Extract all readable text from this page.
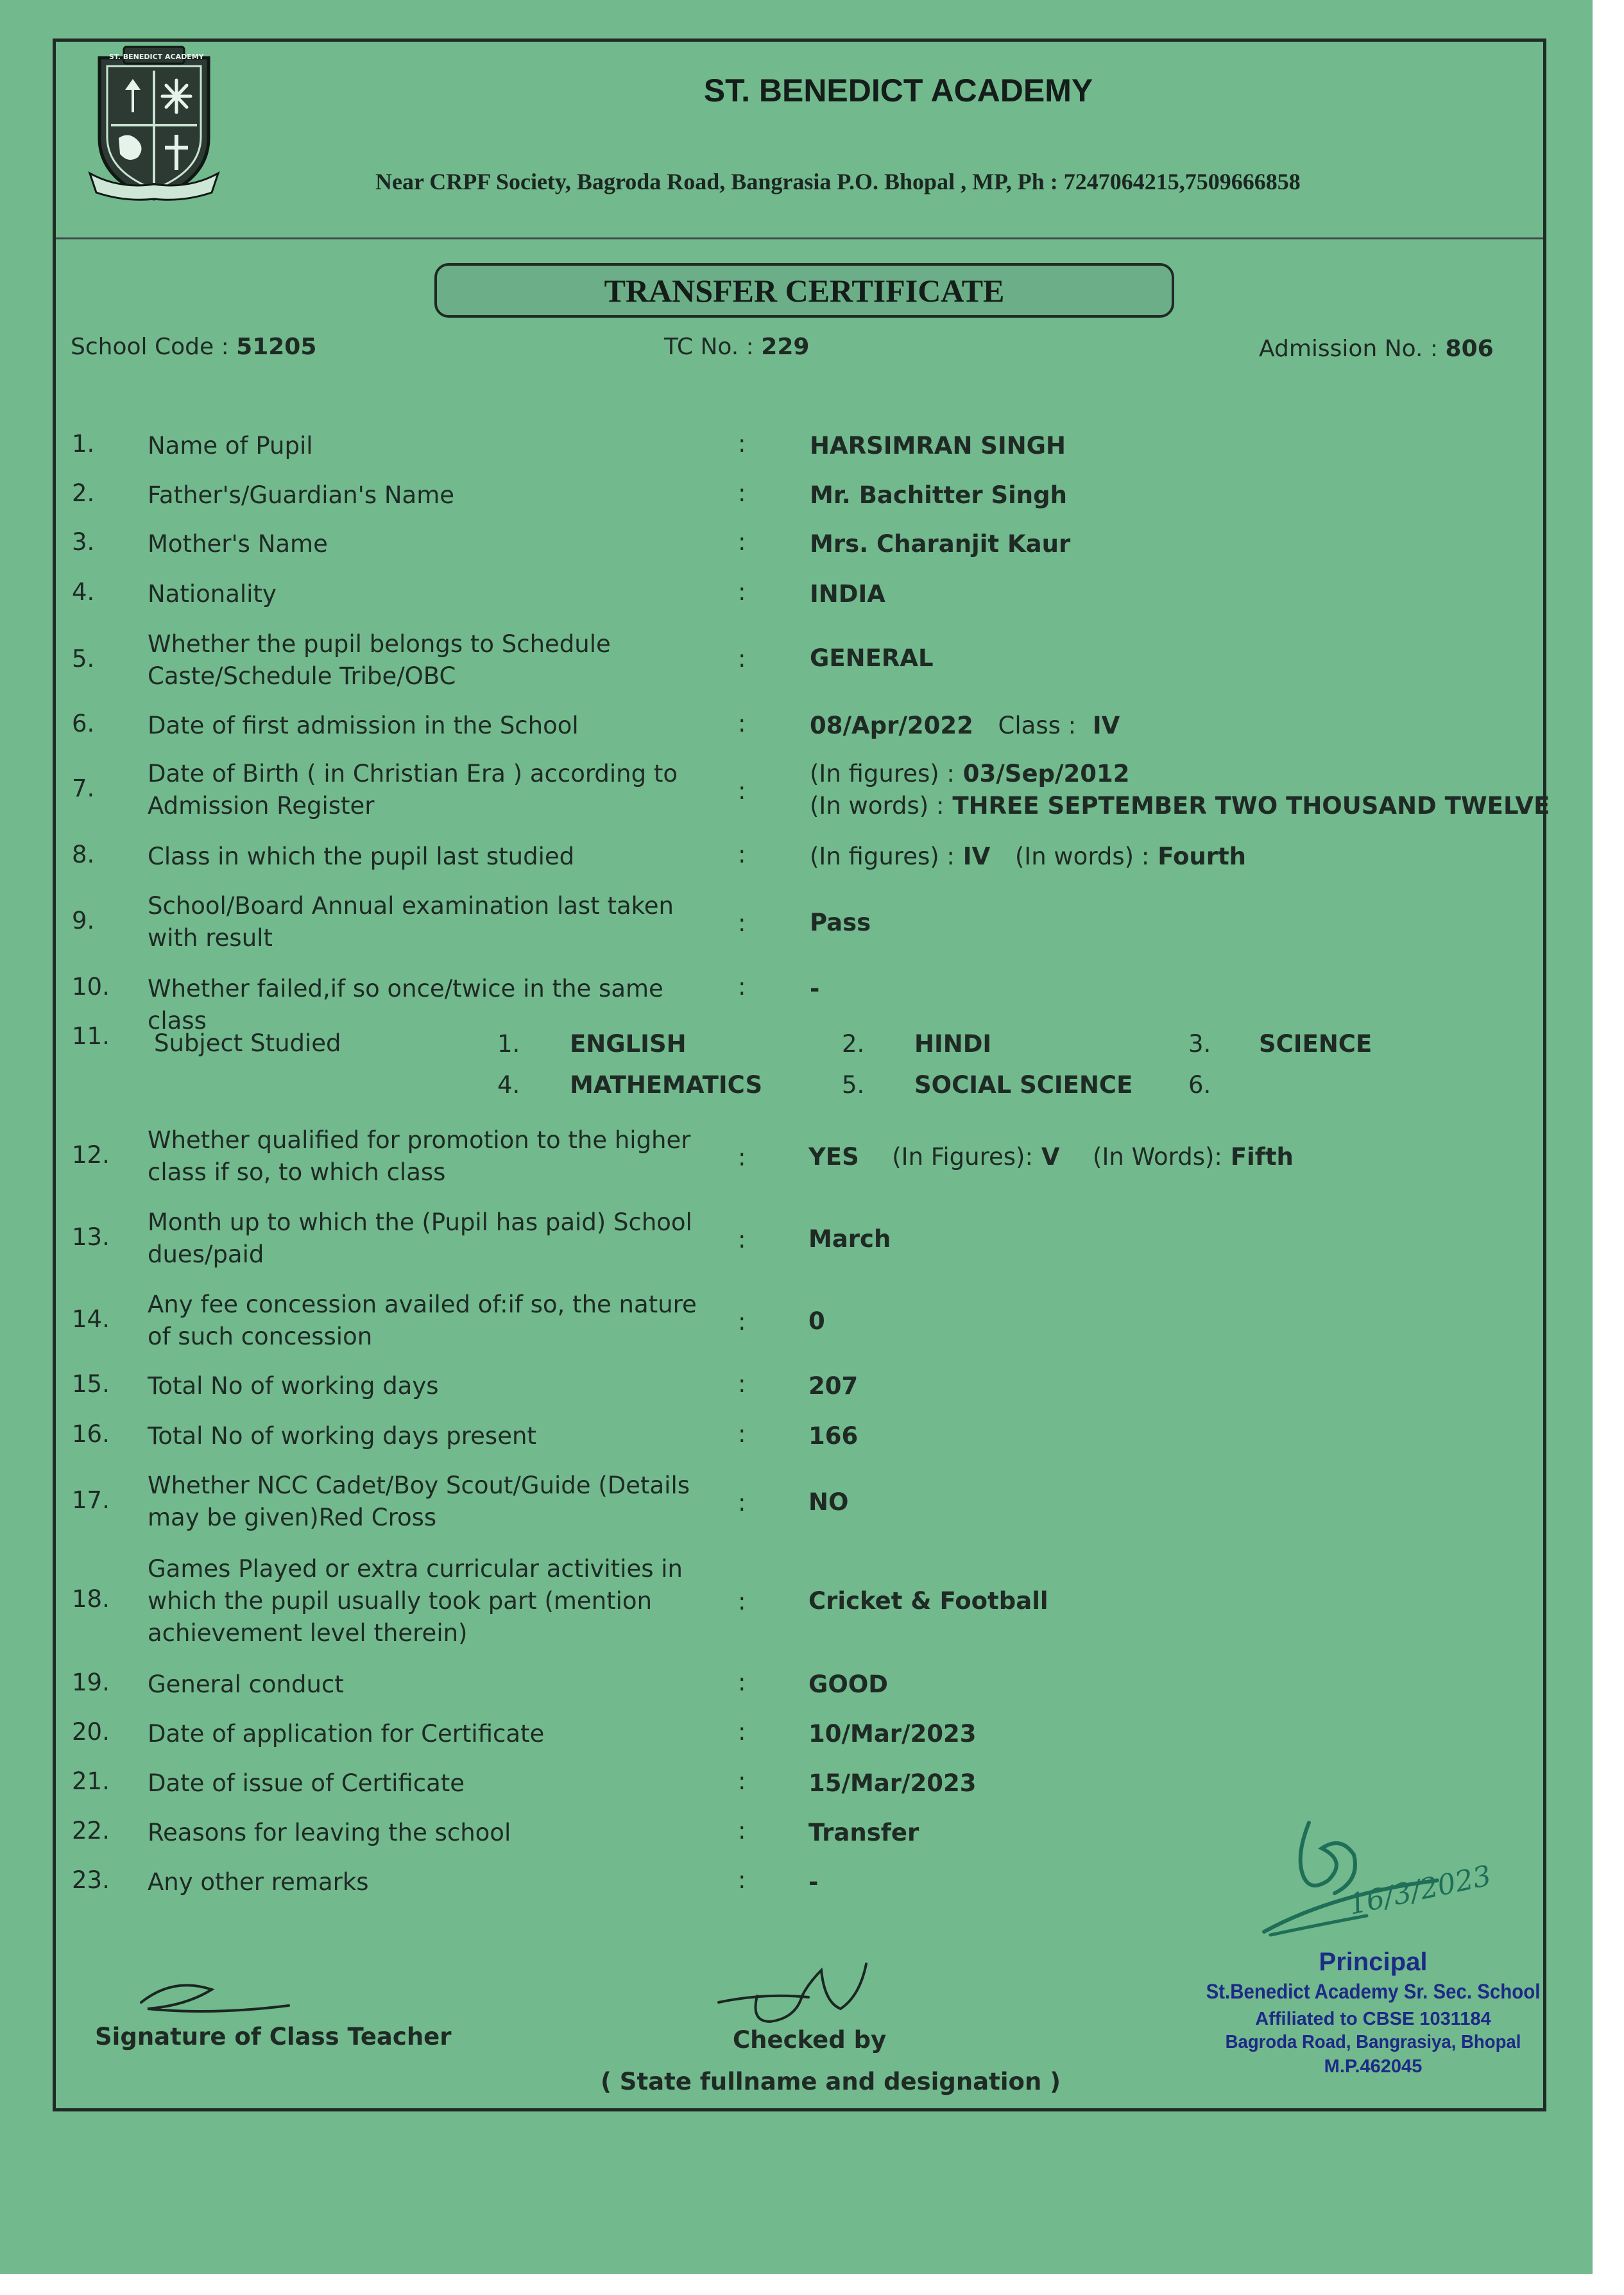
ST. BENEDICT ACADEMY
ST. BENEDICT ACADEMY
Near CRPF Society, Bagroda Road, Bangrasia P.O. Bhopal , MP, Ph : 7247064215,7509666858
TRANSFER CERTIFICATE
School Code : 51205	TC No. : 229	Admission No. : 806
1. Name of Pupil	:	HARSIMRAN SINGH
2. Father's/Guardian's Name	:	Mr. Bachitter Singh
3. Mother's Name	:	Mrs. Charanjit Kaur
4. Nationality	:	INDIA
5.
Whether the pupil belongs to Schedule Caste/Schedule Tribe/OBC
:	GENERAL
6. Date of first admission in the School	:	08/Apr/2022 Class : IV
7.
Date of Birth ( in Christian Era ) according to Admission Register
:
(In figures) : 03/Sep/2012
(In words) : THREE SEPTEMBER TWO THOUSAND TWELVE
8. Class in which the pupil last studied	:	(In figures) : IV (In words) : Fourth
9.
School/Board Annual examination last taken with result
:	Pass
10. Whether failed,if so once/twice in the same class
:	-
11. Subject Studied	1. ENGLISH	2. HINDI	3. SCIENCE
4. MATHEMATICS	5. SOCIAL SCIENCE 6.
12.
Whether qualified for promotion to the higher class if so, to which class
:	YES (In Figures): V (In Words): Fifth
13.
Month up to which the (Pupil has paid) School dues/paid
:	March
14.
Any fee concession availed of:if so, the nature of such concession
:	0
15. Total No of working days	:	207
16. Total No of working days present	:	166
17.
Whether NCC Cadet/Boy Scout/Guide (Details may be given)Red Cross
:	NO
18.
Games Played or extra curricular activities in which the pupil usually took part (mention achievement level therein)
:	Cricket & Football
19. General conduct	:	GOOD
20. Date of application for Certificate	:	10/Mar/2023
21. Date of issue of Certificate	:	15/Mar/2023
22. Reasons for leaving the school	:	Transfer
23. Any other remarks	:	-	16/3/2023
Principal
St.Benedict Academy Sr. Sec. School
Affiliated to CBSE 1031184
Bagroda Road, Bangrasiya, Bhopal
M.P.462045
Signature of Class Teacher	Checked by
( State fullname and designation )
